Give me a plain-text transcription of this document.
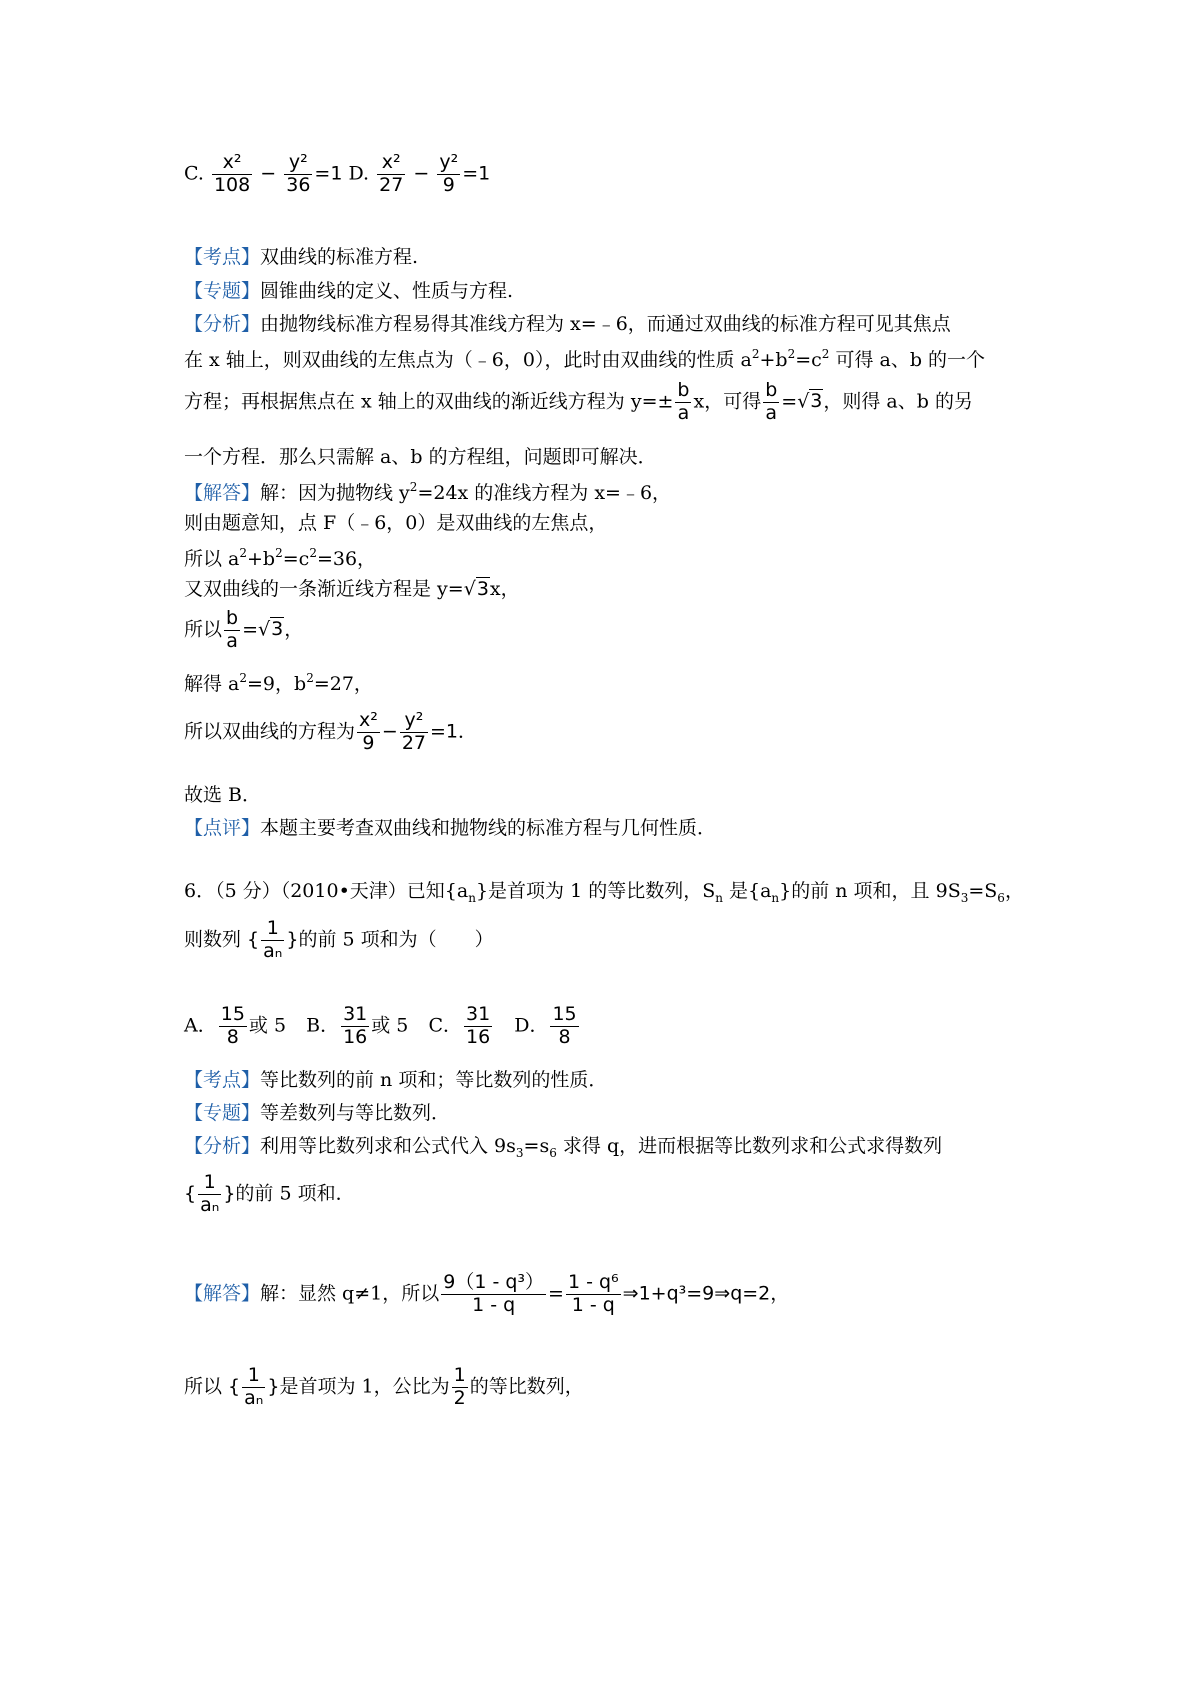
C. $\frac{\text{x²}}{108} - \frac{\text{y²}}{36} =1$ D. $\frac{\text{x²}}{27} - \frac{\text{y²}}{9} =1$
【考点】双曲线的标准方程.
【专题】圆锥曲线的定义、性质与方程.
【分析】由抛物线标准方程易得其准线方程为 x=﹣6，而通过双曲线的标准方程可见其焦点
在 x 轴上，则双曲线的左焦点为（﹣6，0），此时由双曲线的性质 $a^2+b^2=c^2$ 可得 a、b 的一个
方程；再根据焦点在 x 轴上的双曲线的渐近线方程为 $y=\pm \frac{b}{a}$ x，可得 $\frac{b}{a} =√3$，则得 a、b 的另
一个方程．那么只需解 a、b 的方程组，问题即可解决．
【解答】解：因为抛物线 $y^2=24x$ 的准线方程为 x=﹣6，
则由题意知，点 F（﹣6，0）是双曲线的左焦点，
所以 $a^2+b^2=c^2=36$，
又双曲线的一条渐近线方程是 y=√3x，
所以 $\frac{b}{a} =√3$，
解得 $a^2=9$，$b^2=27$，
所以双曲线的方程为 $\frac{\text{x²}}{9} - \frac{\text{y²}}{27} =1$．
故选 B．
【点评】本题主要考查双曲线和抛物线的标准方程与几何性质．
6．（5 分）（2010•天津）已知$\{a_n\}$是首项为 1 的等比数列，$S_n$ 是$\{a_n\}$的前 n 项和，且 $9S_3=S_6$，
则数列 { $\frac{1}{\text{aₙ}}$ }的前 5 项和为（　　）
A． $\frac{15}{8}$ 或 5 B． $\frac{31}{16}$ 或 5 C． $\frac{31}{16}$ D． $\frac{15}{8}$
【考点】等比数列的前 n 项和；等比数列的性质．
【专题】等差数列与等比数列．
【分析】利用等比数列求和公式代入 $9s_3=s_6$ 求得 q，进而根据等比数列求和公式求得数列
{ $\frac{1}{\text{aₙ}}$ }的前 5 项和．
【解答】解：显然 q≠1，所以 $\frac{\text{9（1 - q³）}}{1 - q} = \frac{\text{1 - q⁶}}{1 - q}$ ⇒1+q³=9⇒q=2，
所以 { $\frac{1}{\text{aₙ}}$ }是首项为 1，公比为 $\frac{1}{2}$ 的等比数列，
